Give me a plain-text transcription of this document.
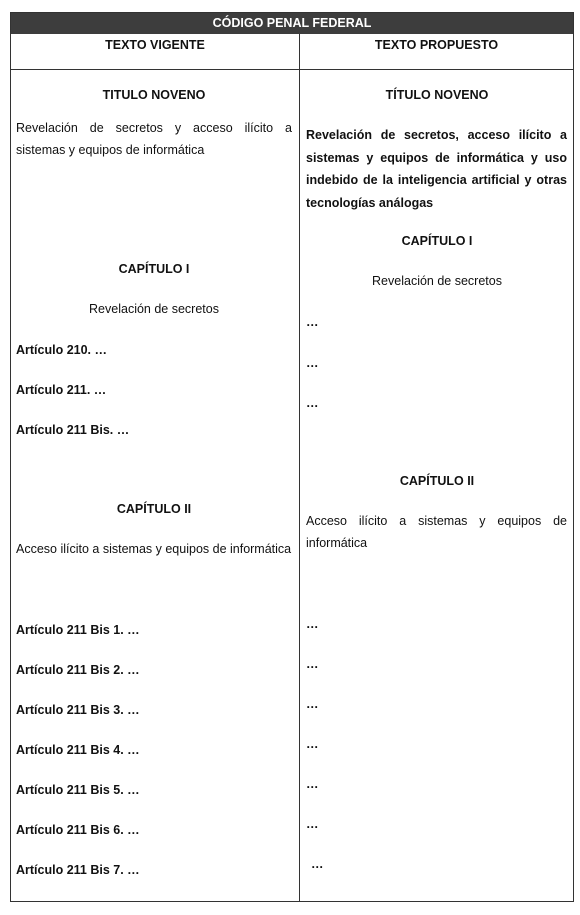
CÓDIGO PENAL FEDERAL
TEXTO VIGENTE	TEXTO PROPUESTO
TITULO NOVENO
Revelación de secretos y acceso ilícito a sistemas y equipos de informática
CAPÍTULO I
Revelación de secretos
Artículo 210. …
Artículo 211. …
Artículo 211 Bis. …
CAPÍTULO II
Acceso ilícito a sistemas y equipos de informática
Artículo 211 Bis 1. …
Artículo 211 Bis 2. …
Artículo 211 Bis 3. …
Artículo 211 Bis 4. …
Artículo 211 Bis 5. …
Artículo 211 Bis 6. …
Artículo 211 Bis 7. …
TÍTULO NOVENO
Revelación de secretos, acceso ilícito a sistemas y equipos de informática y uso indebido de la inteligencia artificial y otras tecnologías análogas
CAPÍTULO I
Revelación de secretos
…
…
…
CAPÍTULO II
Acceso ilícito a sistemas y equipos de informática
…
…
…
…
…
…
…
